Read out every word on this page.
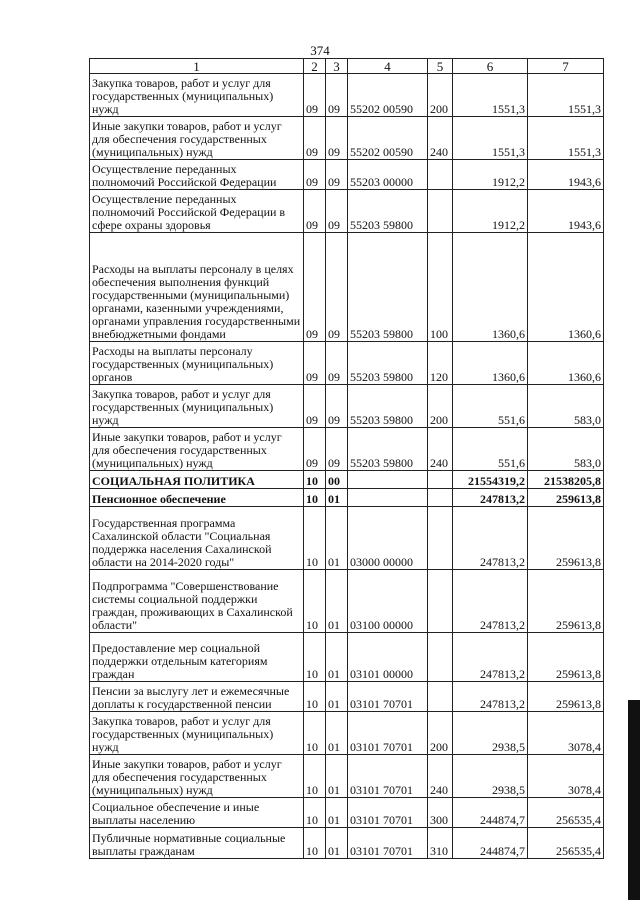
374
1	2	3	4	5	6	7
Закупка товаров, работ и услуг для государственных (муниципальных) нужд	09	09	55202 00590	200	1551,3	1551,3
Иные закупки товаров, работ и услуг для обеспечения государственных (муниципальных) нужд	09	09	55202 00590	240	1551,3	1551,3
Осуществление переданных полномочий Российской Федерации	09	09	55203 00000		1912,2	1943,6
Осуществление переданных полномочий Российской Федерации в сфере охраны здоровья	09	09	55203 59800		1912,2	1943,6
Расходы на выплаты персоналу в целях обеспечения выполнения функций государственными (муниципальными) органами, казенными учреждениями, органами управления государственными внебюджетными фондами	09	09	55203 59800	100	1360,6	1360,6
Расходы на выплаты персоналу государственных (муниципальных) органов	09	09	55203 59800	120	1360,6	1360,6
Закупка товаров, работ и услуг для государственных (муниципальных) нужд	09	09	55203 59800	200	551,6	583,0
Иные закупки товаров, работ и услуг для обеспечения государственных (муниципальных) нужд	09	09	55203 59800	240	551,6	583,0
СОЦИАЛЬНАЯ ПОЛИТИКА	10	00			21554319,2	21538205,8
Пенсионное обеспечение	10	01			247813,2	259613,8
Государственная программа Сахалинской области "Социальная поддержка населения Сахалинской области на 2014-2020 годы"	10	01	03000 00000		247813,2	259613,8
Подпрограмма "Совершенствование системы социальной поддержки граждан, проживающих в Сахалинской области"	10	01	03100 00000		247813,2	259613,8
Предоставление мер социальной поддержки отдельным категориям граждан	10	01	03101 00000		247813,2	259613,8
Пенсии за выслугу лет и ежемесячные доплаты к государственной пенсии	10	01	03101 70701		247813,2	259613,8
Закупка товаров, работ и услуг для государственных (муниципальных) нужд	10	01	03101 70701	200	2938,5	3078,4
Иные закупки товаров, работ и услуг для обеспечения государственных (муниципальных) нужд	10	01	03101 70701	240	2938,5	3078,4
Социальное обеспечение и иные выплаты населению	10	01	03101 70701	300	244874,7	256535,4
Публичные нормативные социальные выплаты гражданам	10	01	03101 70701	310	244874,7	256535,4
